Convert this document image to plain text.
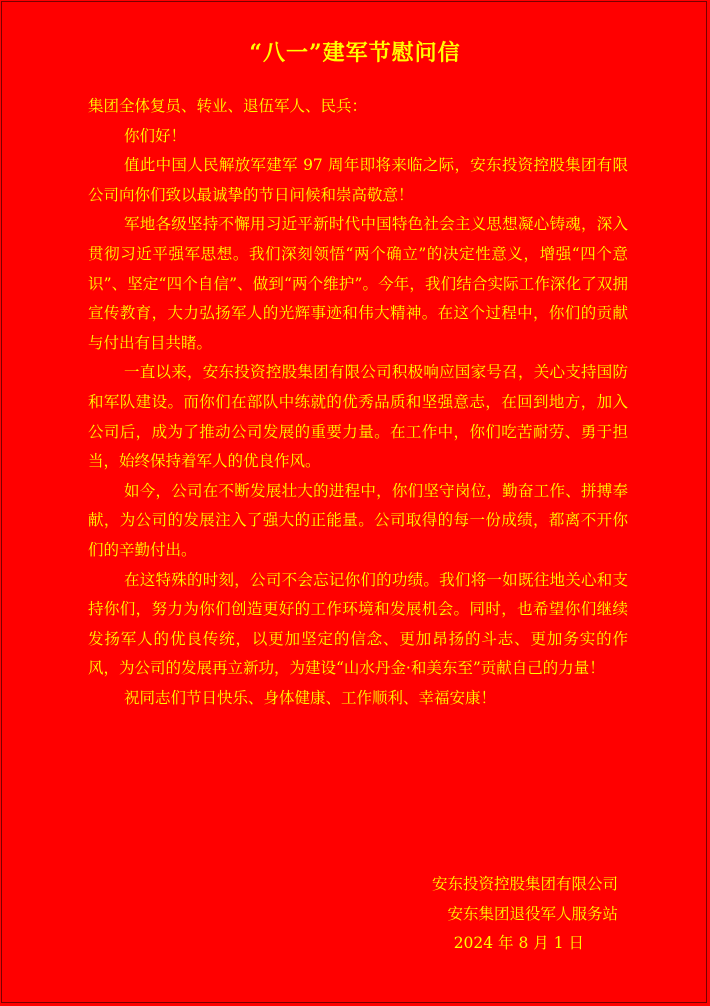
“八一”建军节慰问信

集团全体复员、转业、退伍军人、民兵：

你们好！

值此中国人民解放军建军 97 周年即将来临之际，安东投资控股集团有限公司向你们致以最诚挚的节日问候和崇高敬意！

军地各级坚持不懈用习近平新时代中国特色社会主义思想凝心铸魂，深入贯彻习近平强军思想。我们深刻领悟“两个确立”的决定性意义，增强“四个意识”、坚定“四个自信”、做到“两个维护”。今年，我们结合实际工作深化了双拥宣传教育，大力弘扬军人的光辉事迹和伟大精神。在这个过程中，你们的贡献与付出有目共睹。

一直以来，安东投资控股集团有限公司积极响应国家号召，关心支持国防和军队建设。而你们在部队中练就的优秀品质和坚强意志，在回到地方，加入公司后，成为了推动公司发展的重要力量。在工作中，你们吃苦耐劳、勇于担当，始终保持着军人的优良作风。

如今，公司在不断发展壮大的进程中，你们坚守岗位，勤奋工作、拼搏奉献，为公司的发展注入了强大的正能量。公司取得的每一份成绩，都离不开你们的辛勤付出。

在这特殊的时刻，公司不会忘记你们的功绩。我们将一如既往地关心和支持你们，努力为你们创造更好的工作环境和发展机会。同时，也希望你们继续发扬军人的优良传统，以更加坚定的信念、更加昂扬的斗志、更加务实的作风，为公司的发展再立新功，为建设“山水丹金·和美东至”贡献自己的力量！

祝同志们节日快乐、身体健康、工作顺利、幸福安康！

安东投资控股集团有限公司
安东集团退役军人服务站
2024 年 8 月 1 日
